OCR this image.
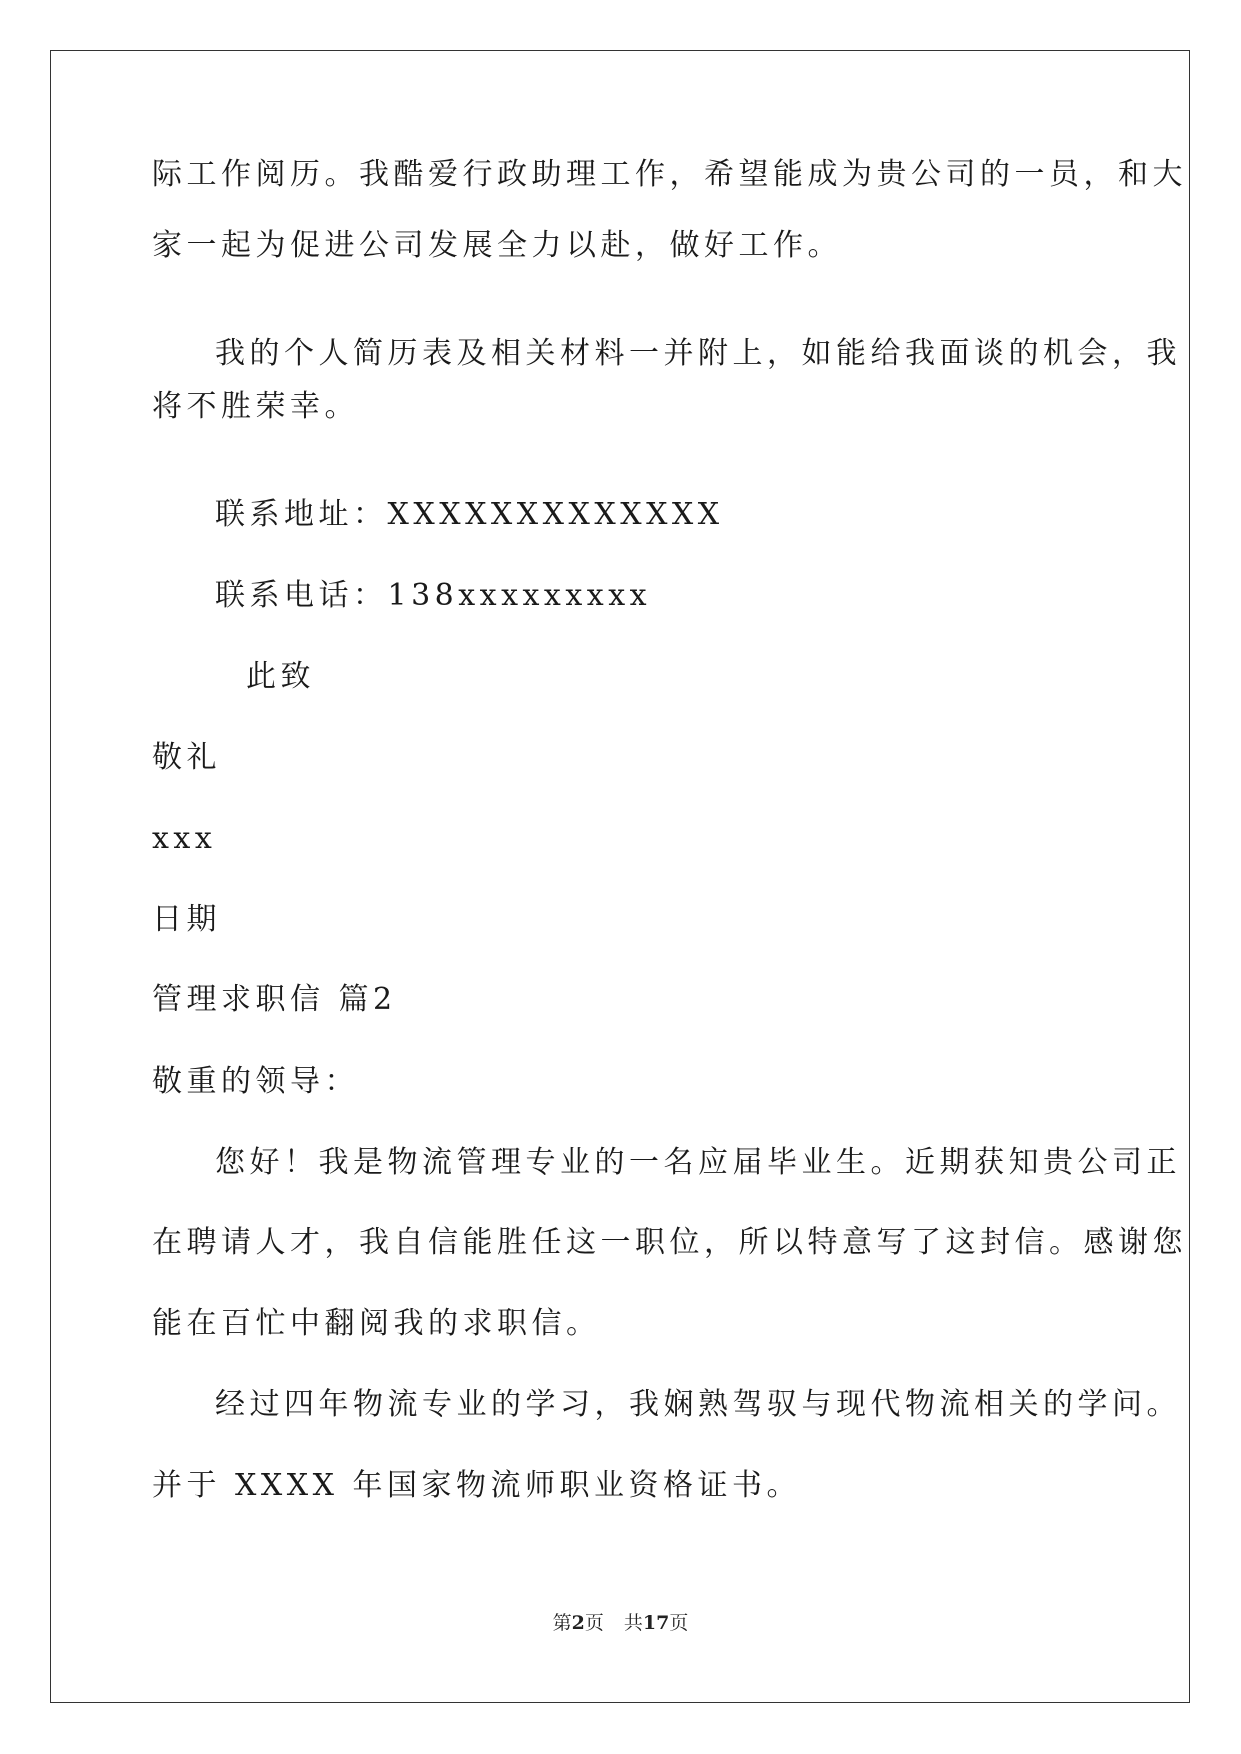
际工作阅历。我酷爱行政助理工作，希望能成为贵公司的一员，和大
家一起为促进公司发展全力以赴，做好工作。
我的个人简历表及相关材料一并附上，如能给我面谈的机会，我
将不胜荣幸。
联系地址：XXXXXXXXXXXXX
联系电话：138xxxxxxxxx
此致
敬礼
xxx
日期
管理求职信 篇2
敬重的领导：
您好！我是物流管理专业的一名应届毕业生。近期获知贵公司正
在聘请人才，我自信能胜任这一职位，所以特意写了这封信。感谢您
能在百忙中翻阅我的求职信。
经过四年物流专业的学习，我娴熟驾驭与现代物流相关的学问。
并于 XXXX 年国家物流师职业资格证书。
第2页 共17页
